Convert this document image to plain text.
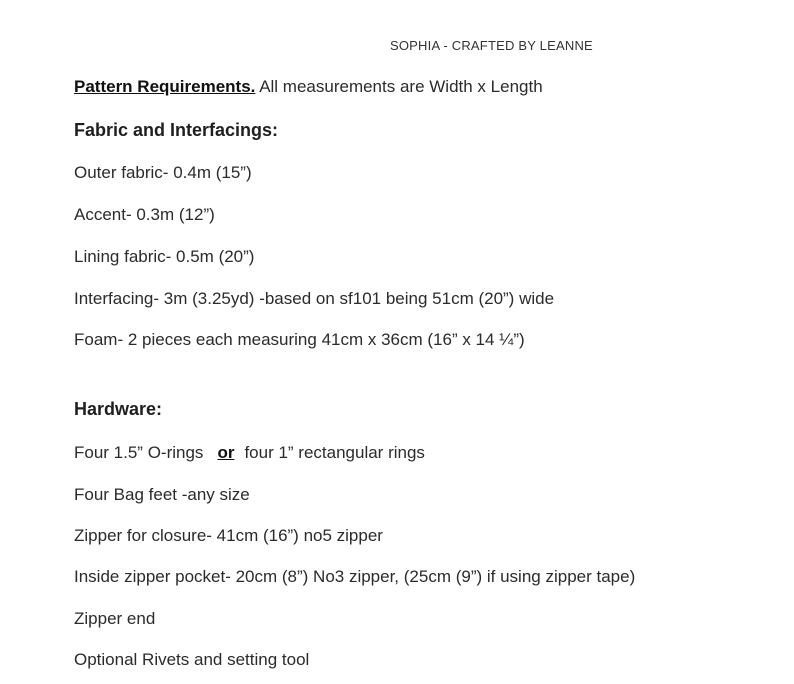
SOPHIA - CRAFTED BY LEANNE
Pattern Requirements. All measurements are Width x Length
Fabric and Interfacings:
Outer fabric- 0.4m (15”)
Accent- 0.3m (12”)
Lining fabric- 0.5m (20”)
Interfacing- 3m (3.25yd) -based on sf101 being 51cm (20”) wide
Foam- 2 pieces each measuring 41cm x 36cm (16” x 14 ¼”)
Hardware:
Four 1.5” O-rings or four 1” rectangular rings
Four Bag feet -any size
Zipper for closure- 41cm (16”) no5 zipper
Inside zipper pocket- 20cm (8”) No3 zipper, (25cm (9”) if using zipper tape)
Zipper end
Optional Rivets and setting tool
